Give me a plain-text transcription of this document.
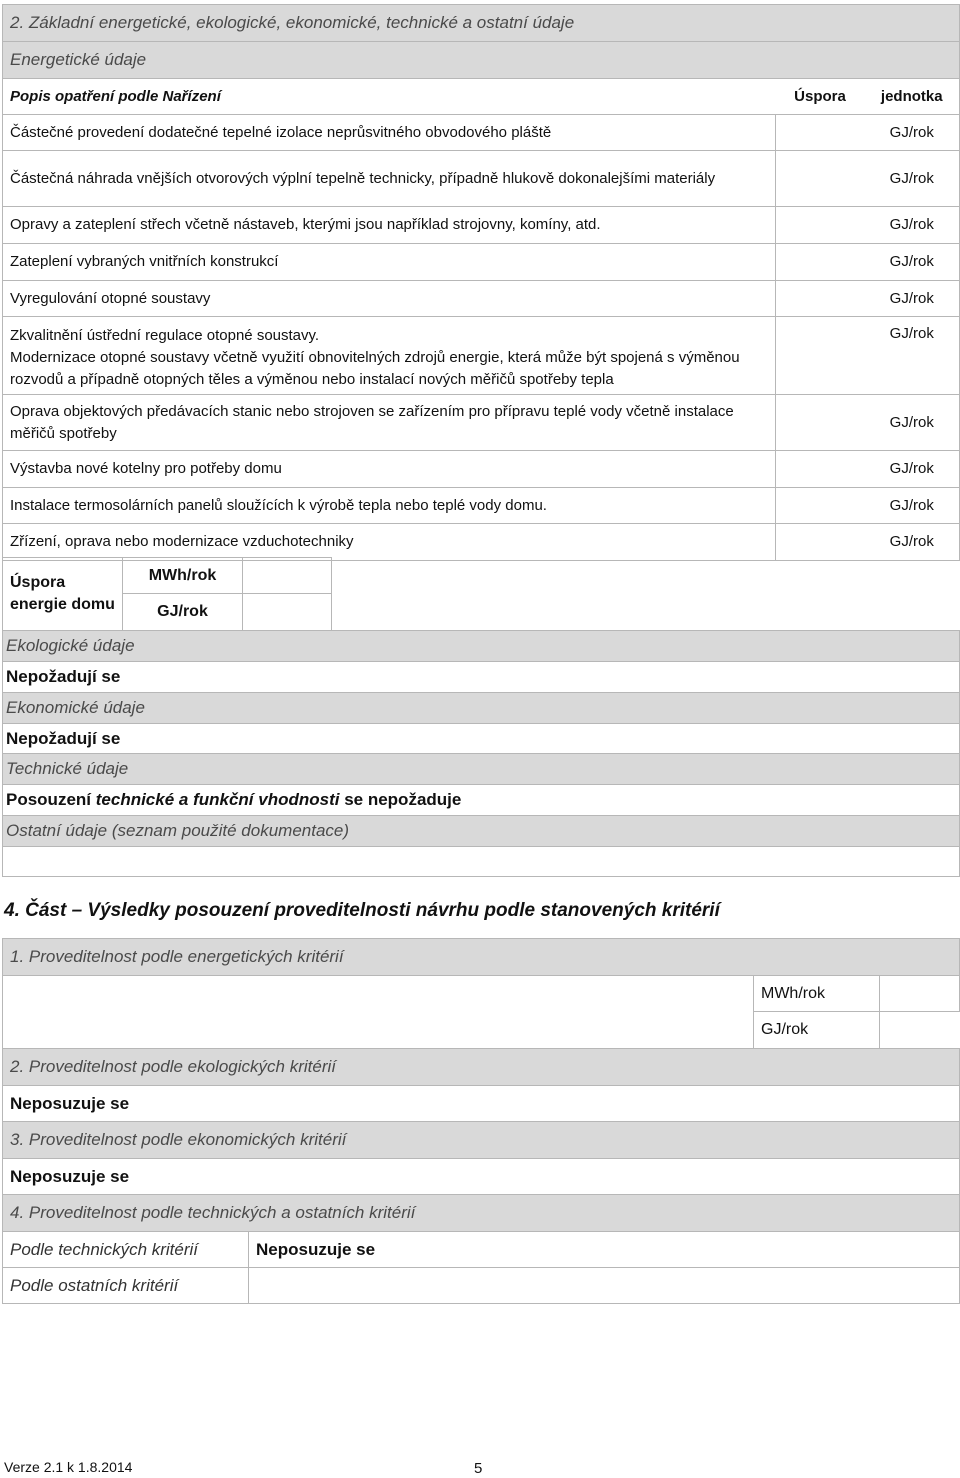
2. Základní energetické, ekologické, ekonomické, technické a ostatní údaje		
Energetické údaje		
Popis opatření podle Nařízení	Úspora	jednotka
Částečné provedení dodatečné tepelné izolace neprůsvitného obvodového pláště		GJ/rok
Částečná náhrada vnějších otvorových výplní tepelně technicky, případně hlukově dokonalejšími materiály		GJ/rok
Opravy a zateplení střech včetně nástaveb, kterými jsou například strojovny, komíny, atd.		GJ/rok
Zateplení vybraných vnitřních konstrukcí		GJ/rok
Vyregulování otopné soustavy		GJ/rok

Zkvalitnění ústřední regulace otopné soustavy.
Modernizace otopné soustavy včetně využití obnovitelných zdrojů energie, která může být spojená s výměnou rozvodů a případně otopných těles a výměnou nebo instalací nových měřičů spotřeby tepla		GJ/rok
Oprava objektových předávacích stanic nebo strojoven se zařízením pro přípravu teplé vody včetně instalace měřičů spotřeby		GJ/rok
Výstavba nové kotelny pro potřeby domu		GJ/rok
Instalace termosolárních panelů sloužících k výrobě tepla nebo teplé vody domu.		GJ/rok
Zřízení, oprava nebo modernizace vzduchotechniky		GJ/rok
Úspora energie domu	MWh/rok		
	GJ/rok		
Ekologické údaje
Nepožadují se
Ekonomické údaje
Nepožadují se
Technické údaje
Posouzení technické a funkční vhodnosti se nepožaduje
Ostatní údaje (seznam použité dokumentace)

4. Část – Výsledky posouzení proveditelnosti návrhu podle stanovených kritérií
1. Proveditelnost podle energetických kritérií			
		MWh/rok	
		GJ/rok	
2. Proveditelnost podle ekologických kritérií			
Neposuzuje se			
3. Proveditelnost podle ekonomických kritérií			
Neposuzuje se			
4. Proveditelnost podle technických a ostatních kritérií			
Podle technických kritérií	Neposuzuje se		
Podle ostatních kritérií			
Verze 2.1 k 1.8.2014	5
